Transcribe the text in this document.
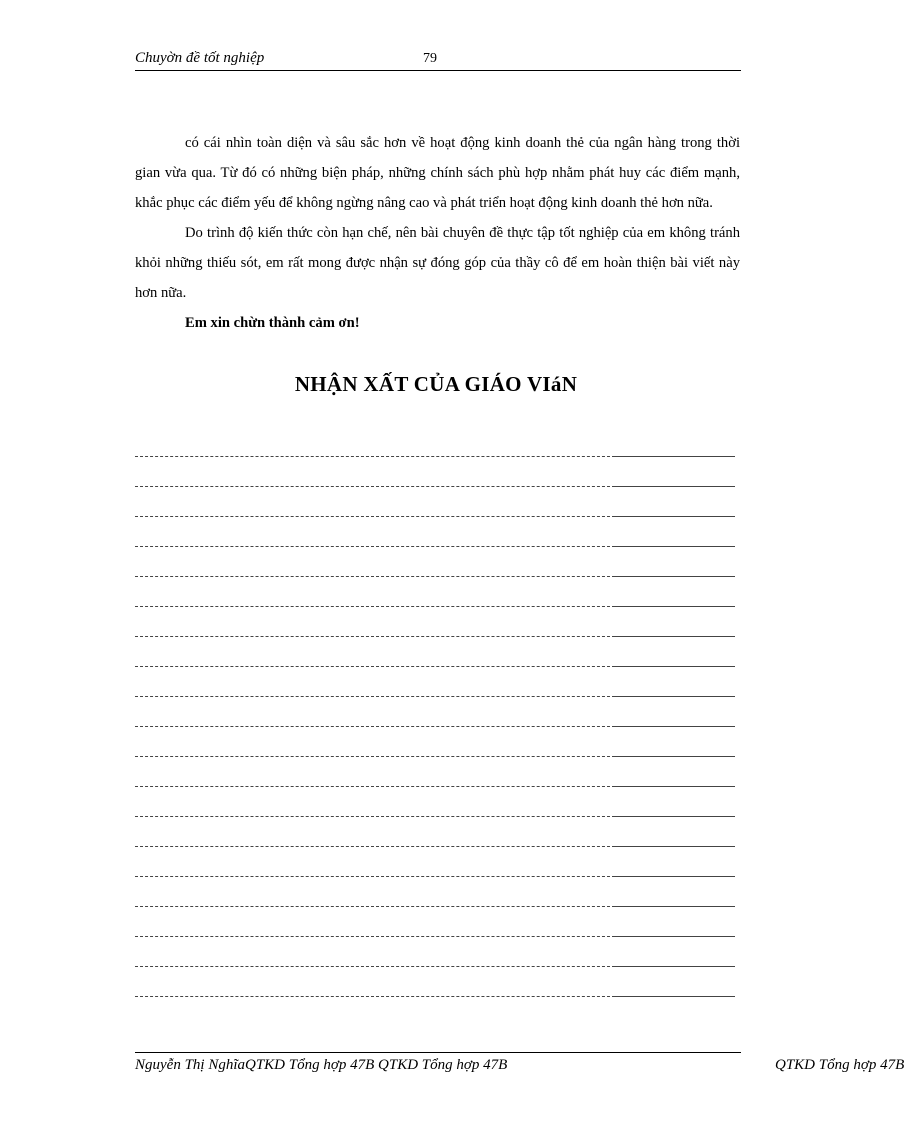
Chuyờn đề tốt nghiệp	79

có cái nhìn toàn diện và sâu sắc hơn về hoạt động kinh doanh thẻ của ngân hàng trong thời gian vừa qua. Từ đó có những biện pháp, những chính sách phù hợp nhằm phát huy các điểm mạnh, khắc phục các điểm yếu để không ngừng nâng cao và phát triển hoạt động kinh doanh thẻ hơn nữa.

Do trình độ kiến thức còn hạn chế, nên bài chuyên đề thực tập tốt nghiệp của em không tránh khỏi những thiếu sót, em rất mong được nhận sự đóng góp của thầy cô để em hoàn thiện bài viết này hơn nữa.

Em xin chừn thành cảm ơn!

NHẬN XẤT CỦA GIÁO VIáN
Nguyễn Thị NghĩaQTKD Tổng hợp 47B QTKD Tổng hợp 47B	QTKD Tổng hợp 47B
